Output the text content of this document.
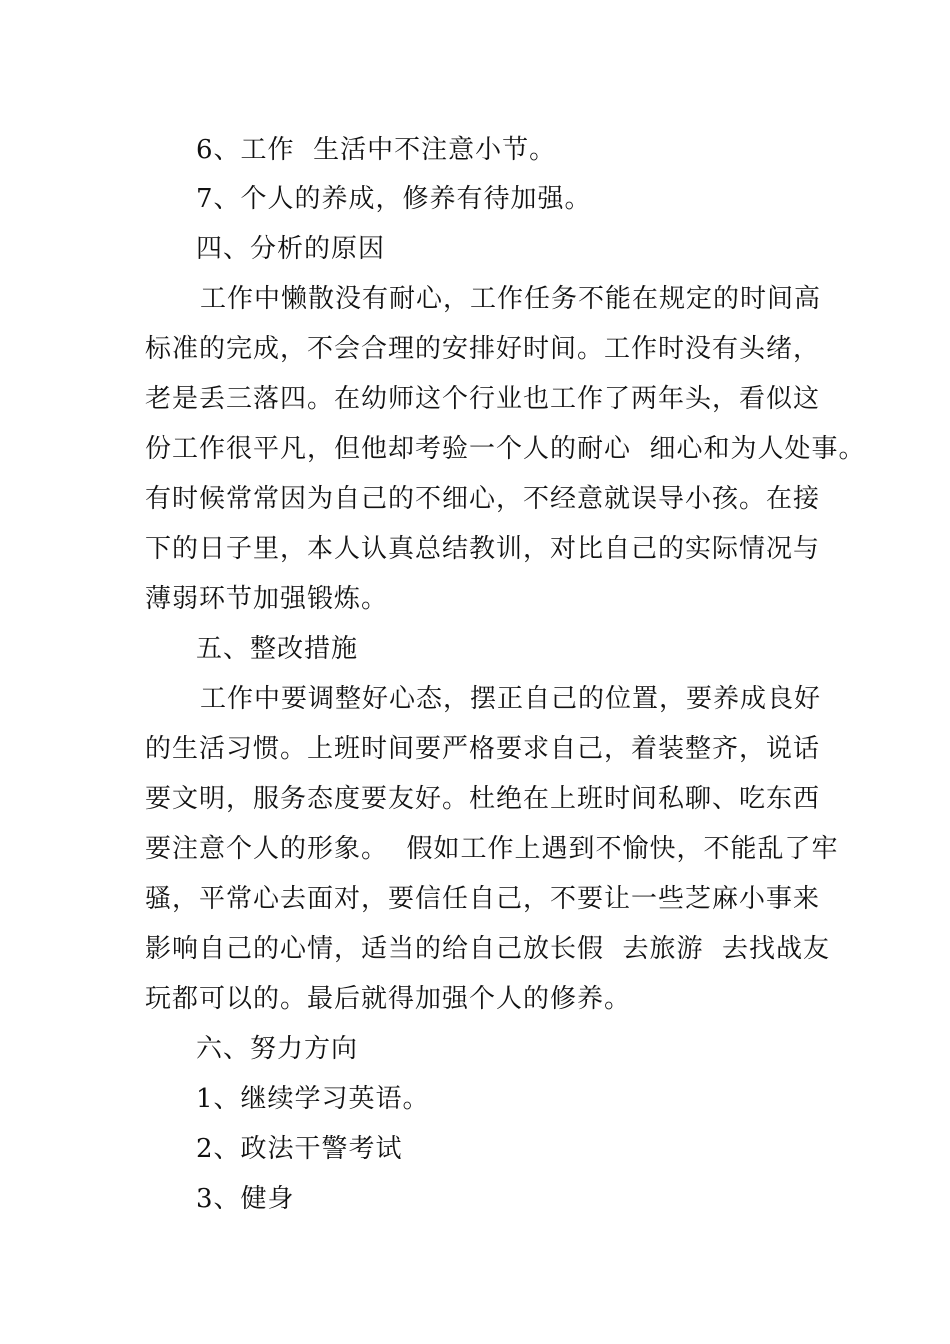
6、工作  生活中不注意小节。
7、个人的养成，修养有待加强。
四、分析的原因
工作中懒散没有耐心，工作任务不能在规定的时间高
标准的完成，不会合理的安排好时间。工作时没有头绪，
老是丢三落四。在幼师这个行业也工作了两年头，看似这
份工作很平凡，但他却考验一个人的耐心  细心和为人处事。
有时候常常因为自己的不细心，不经意就误导小孩。在接
下的日子里，本人认真总结教训，对比自己的实际情况与
薄弱环节加强锻炼。
五、整改措施
工作中要调整好心态，摆正自己的位置，要养成良好
的生活习惯。上班时间要严格要求自己，着装整齐，说话
要文明，服务态度要友好。杜绝在上班时间私聊、吃东西
要注意个人的形象。  假如工作上遇到不愉快，不能乱了牢
骚，平常心去面对，要信任自己，不要让一些芝麻小事来
影响自己的心情，适当的给自己放长假  去旅游  去找战友
玩都可以的。最后就得加强个人的修养。
六、努力方向
1、继续学习英语。
2、政法干警考试
3、健身
